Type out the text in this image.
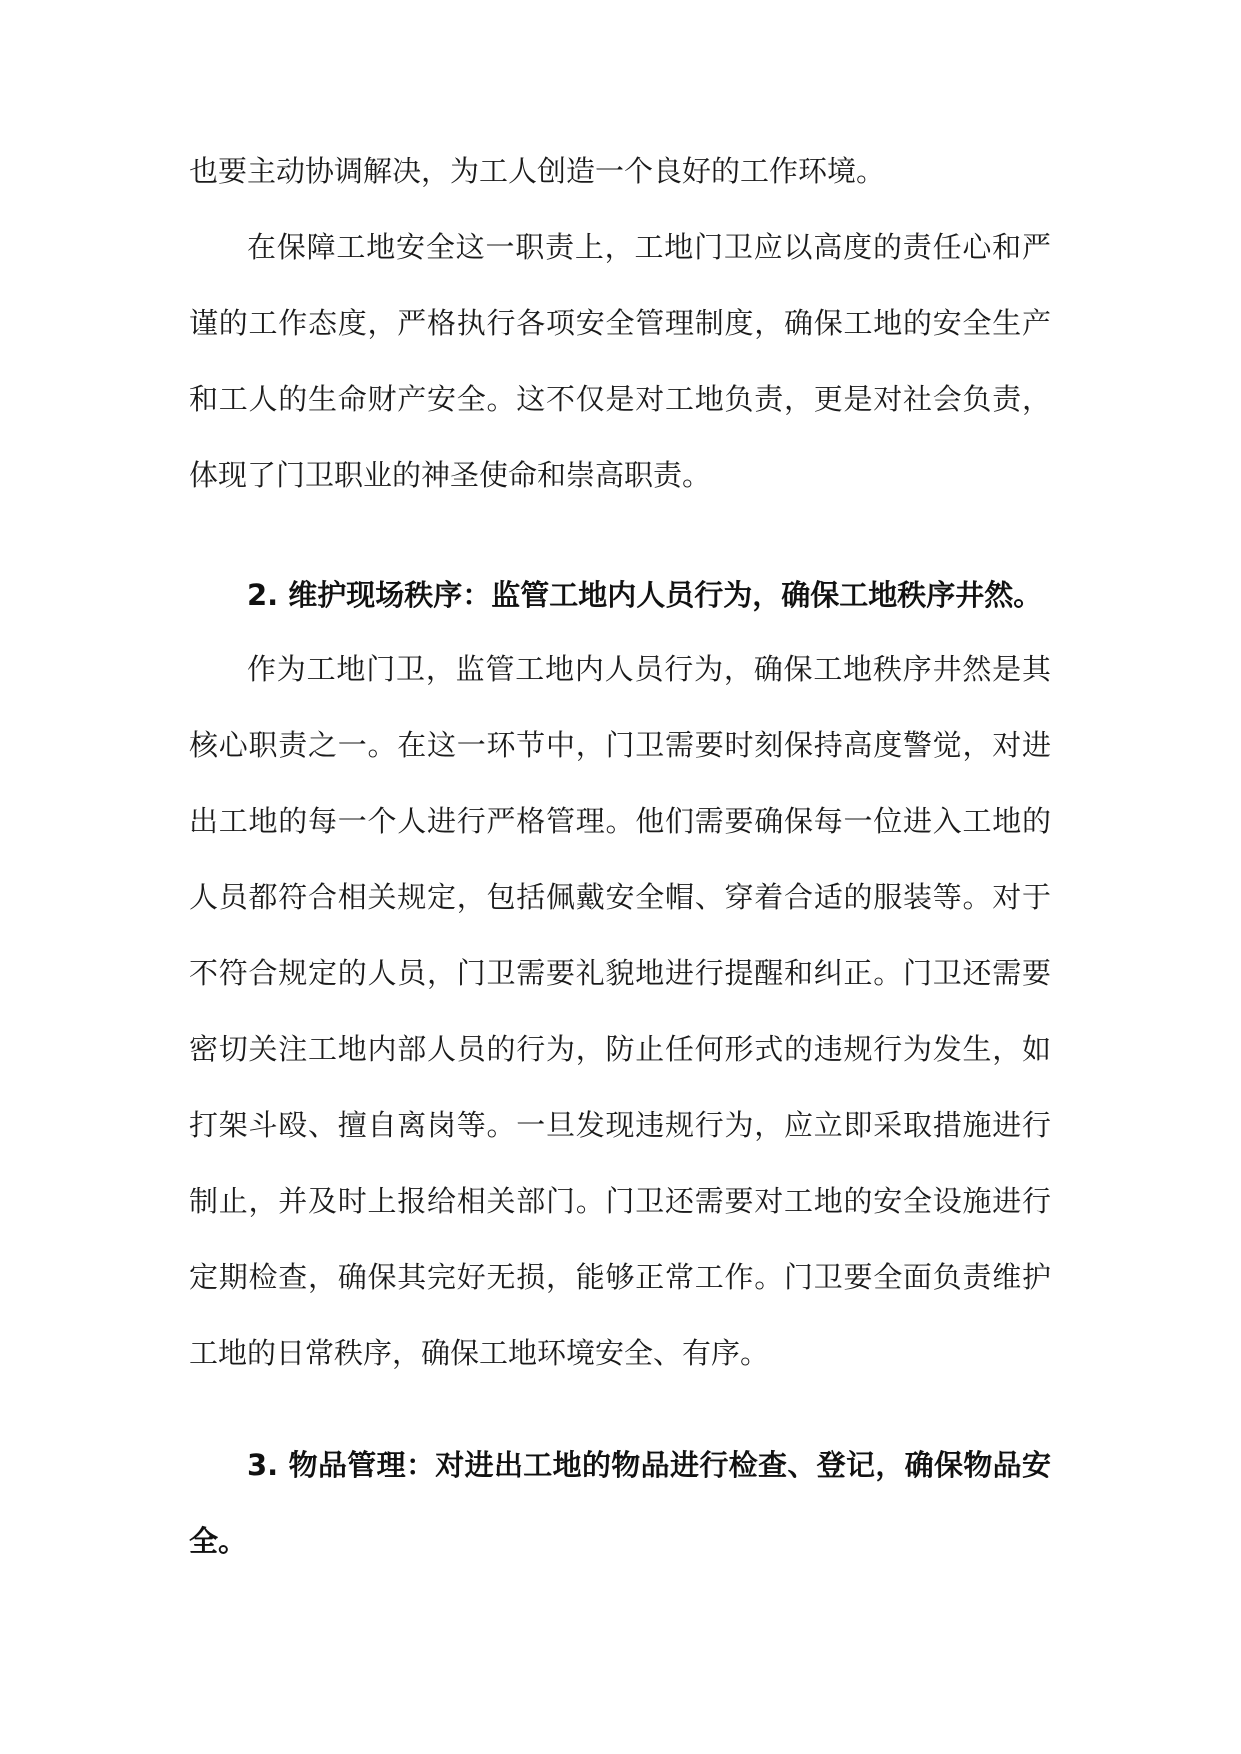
也要主动协调解决，为工人创造一个良好的工作环境。

在保障工地安全这一职责上，工地门卫应以高度的责任心和严谨的工作态度，严格执行各项安全管理制度，确保工地的安全生产和工人的生命财产安全。这不仅是对工地负责，更是对社会负责，体现了门卫职业的神圣使命和崇高职责。

2. 维护现场秩序：监管工地内人员行为，确保工地秩序井然。

作为工地门卫，监管工地内人员行为，确保工地秩序井然是其核心职责之一。在这一环节中，门卫需要时刻保持高度警觉，对进出工地的每一个人进行严格管理。他们需要确保每一位进入工地的人员都符合相关规定，包括佩戴安全帽、穿着合适的服装等。对于不符合规定的人员，门卫需要礼貌地进行提醒和纠正。门卫还需要密切关注工地内部人员的行为，防止任何形式的违规行为发生，如打架斗殴、擅自离岗等。一旦发现违规行为，应立即采取措施进行制止，并及时上报给相关部门。门卫还需要对工地的安全设施进行定期检查，确保其完好无损，能够正常工作。门卫要全面负责维护工地的日常秩序，确保工地环境安全、有序。

3. 物品管理：对进出工地的物品进行检查、登记，确保物品安全。
